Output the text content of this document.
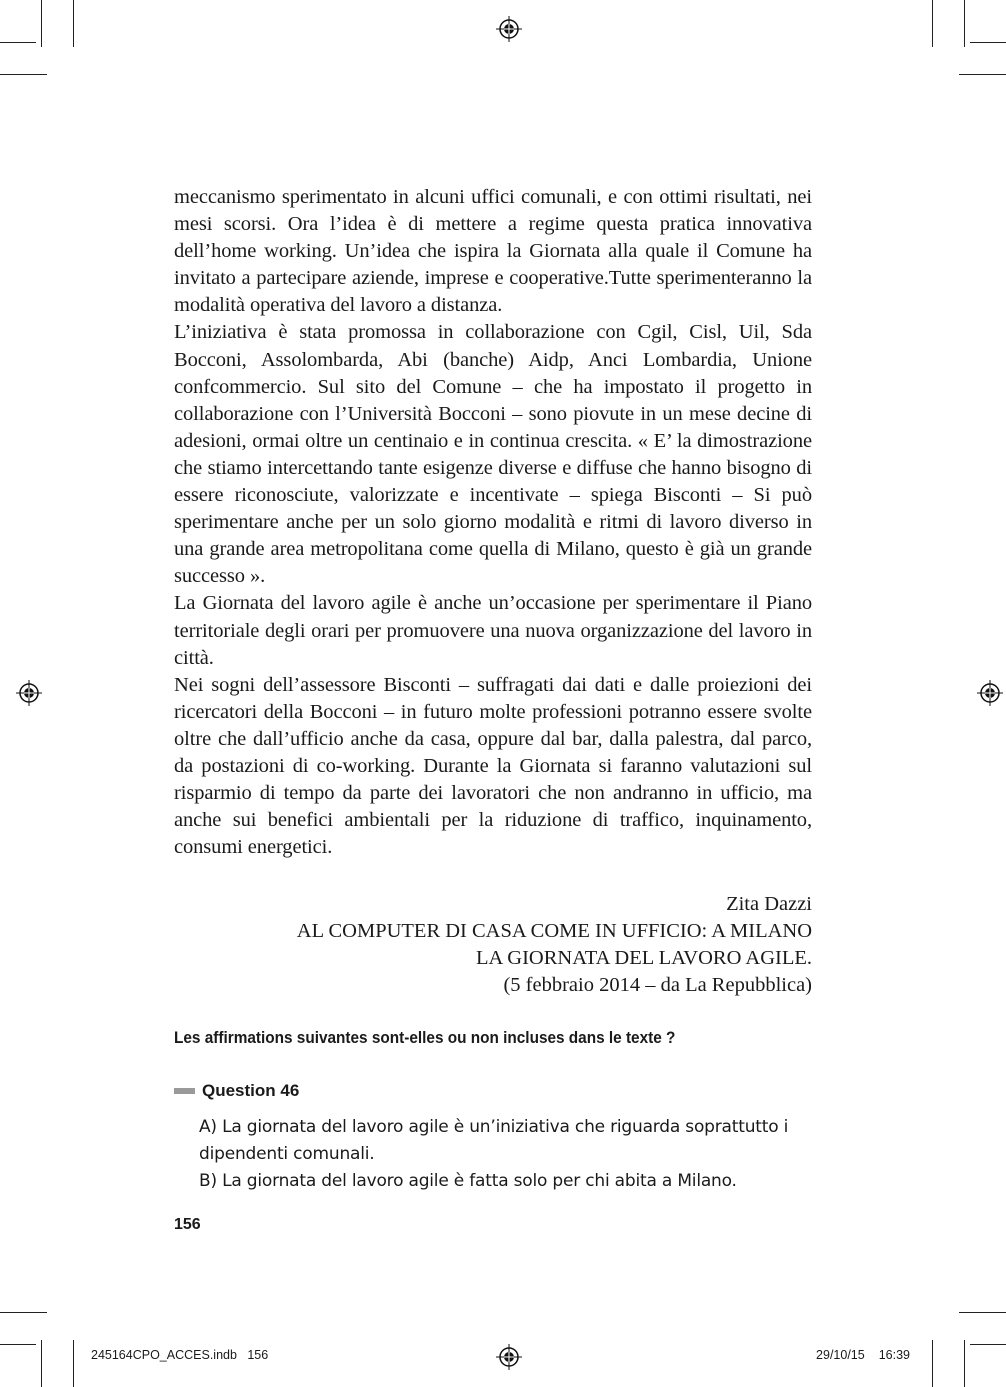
meccanismo sperimentato in alcuni uffici comunali, e con ottimi risultati, nei mesi scorsi. Ora l’idea è di mettere a regime questa pratica innovativa dell’home working. Un’idea che ispira la Giornata alla quale il Comune ha invitato a partecipare aziende, imprese e cooperative.Tutte sperimenteranno la modalità operativa del lavoro a distanza.

L’iniziativa è stata promossa in collaborazione con Cgil, Cisl, Uil, Sda Bocconi, Assolombarda, Abi (banche) Aidp, Anci Lombardia, Unione confcommercio. Sul sito del Comune – che ha impostato il progetto in collaborazione con l’Università Bocconi – sono piovute in un mese decine di adesioni, ormai oltre un centinaio e in continua crescita. « E’ la dimostrazione che stiamo intercettando tante esigenze diverse e diffuse che hanno bisogno di essere riconosciute, valorizzate e incentivate – spiega Bisconti – Si può sperimentare anche per un solo giorno modalità e ritmi di lavoro diverso in una grande area metropolitana come quella di Milano, questo è già un grande successo ».

La Giornata del lavoro agile è anche un’occasione per sperimentare il Piano territoriale degli orari per promuovere una nuova organizzazione del lavoro in città.

Nei sogni dell’assessore Bisconti – suffragati dai dati e dalle proiezioni dei ricercatori della Bocconi – in futuro molte professioni potranno essere svolte oltre che dall’ufficio anche da casa, oppure dal bar, dalla palestra, dal parco, da postazioni di co-working. Durante la Giornata si faranno valutazioni sul risparmio di tempo da parte dei lavoratori che non andranno in ufficio, ma anche sui benefici ambientali per la riduzione di traffico, inquinamento, consumi energetici.

Zita Dazzi
AL COMPUTER DI CASA COME IN UFFICIO: A MILANO
LA GIORNATA DEL LAVORO AGILE.
(5 febbraio 2014 – da La Repubblica)
Les affirmations suivantes sont-elles ou non incluses dans le texte ?
Question 46

A) La giornata del lavoro agile è un’iniziativa che riguarda soprattutto i dipendenti comunali.

B) La giornata del lavoro agile è fatta solo per chi abita a Milano.

156
245164CPO_ACCES.indb   156	29/10/15 16:39
